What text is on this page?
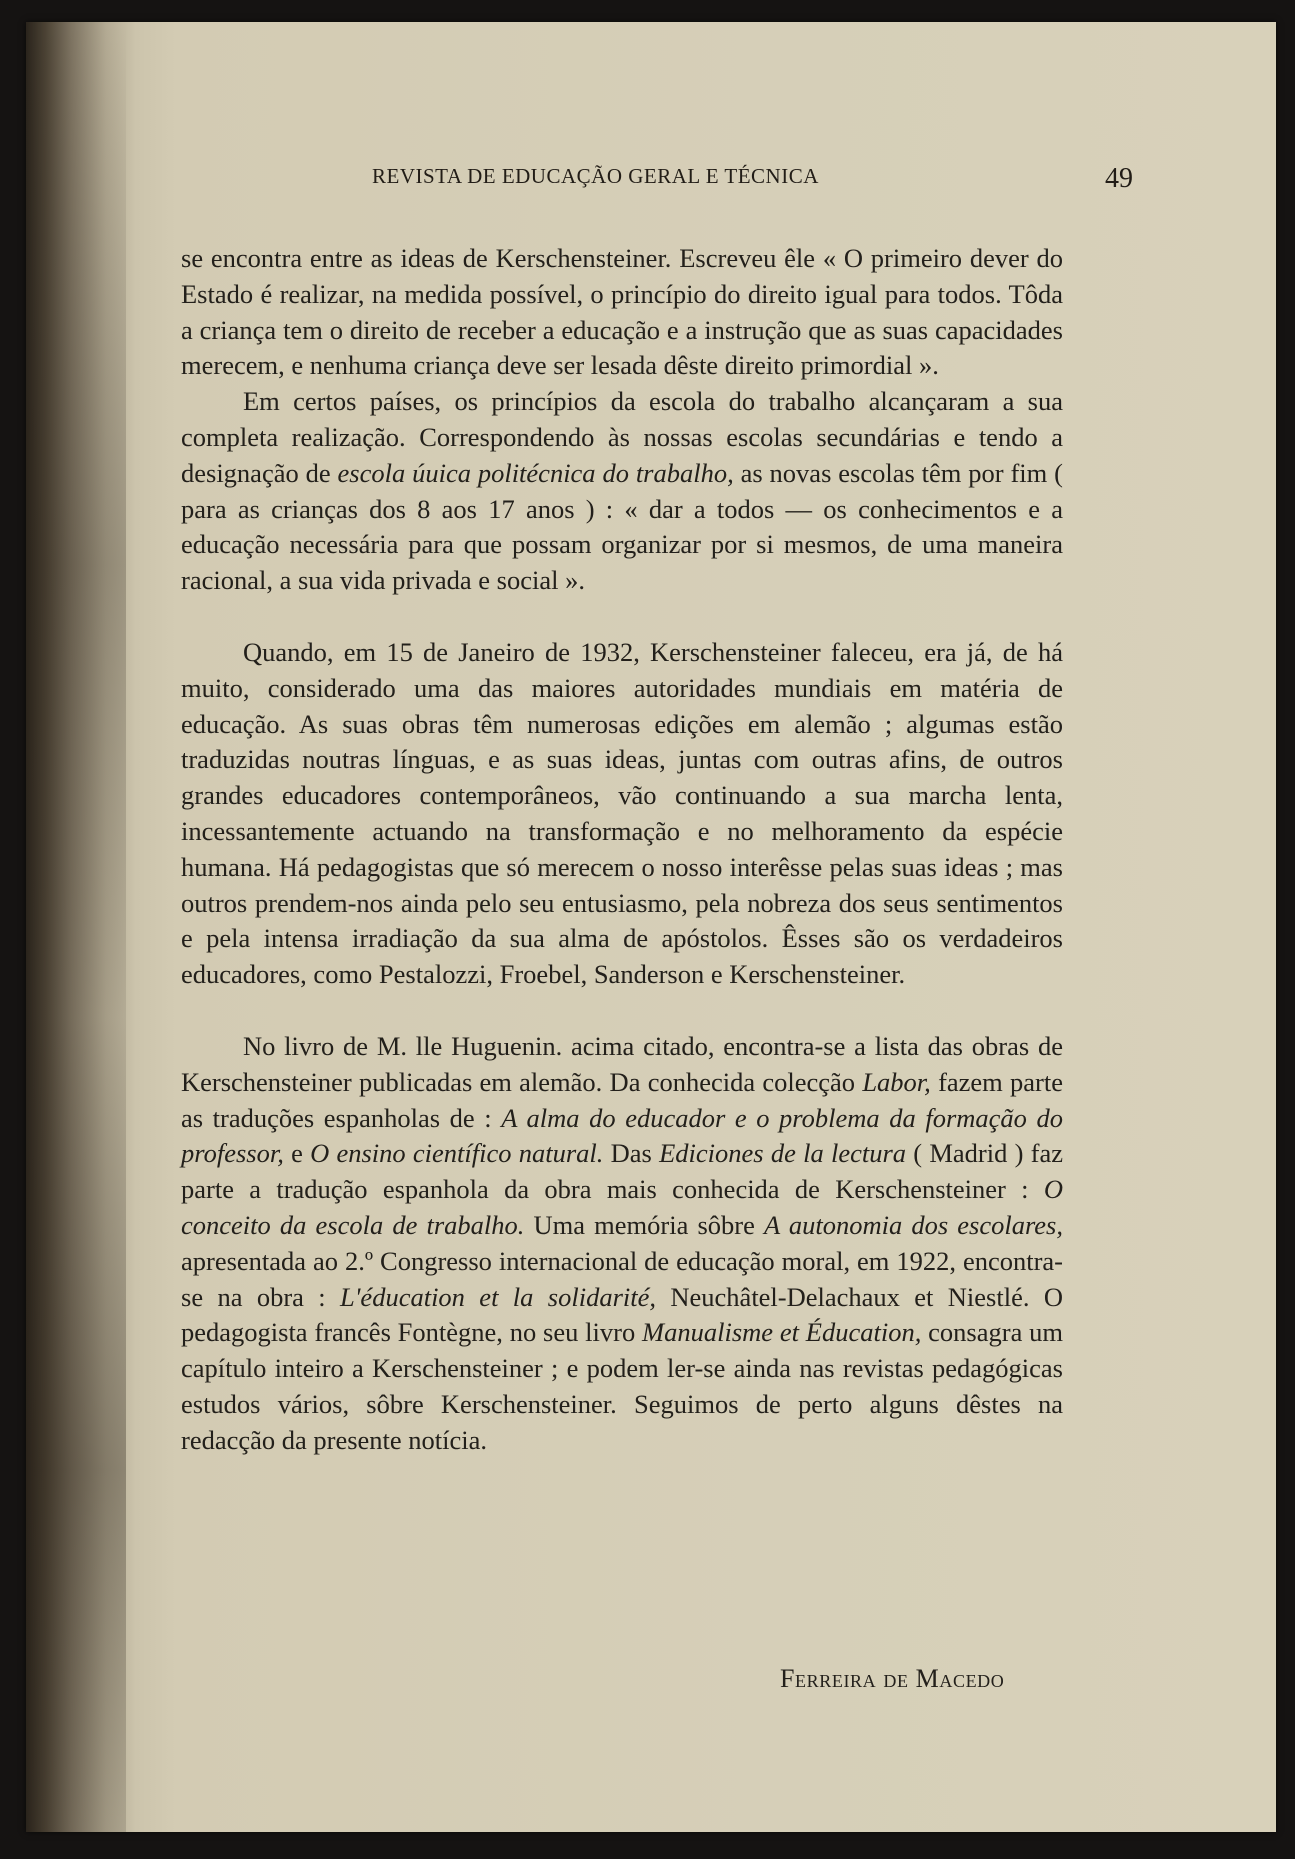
REVISTA DE EDUCAÇÃO GERAL E TÉCNICA	49

se encontra entre as ideas de Kerschensteiner. Escreveu êle « O primeiro dever do Estado é realizar, na medida possível, o princípio do direito igual para todos. Tôda a criança tem o direito de receber a educação e a instrução que as suas capacidades merecem, e nenhuma criança deve ser lesada dêste direito primordial ».

Em certos países, os princípios da escola do trabalho alcançaram a sua completa realização. Correspondendo às nossas escolas secundárias e tendo a designação de escola úuica politécnica do trabalho, as novas escolas têm por fim ( para as crianças dos 8 aos 17 anos ) : « dar a todos — os conhecimentos e a educação necessária para que possam organizar por si mesmos, de uma maneira racional, a sua vida privada e social ».

Quando, em 15 de Janeiro de 1932, Kerschensteiner faleceu, era já, de há muito, considerado uma das maiores autoridades mundiais em matéria de educação. As suas obras têm numerosas edições em alemão ; algumas estão traduzidas noutras línguas, e as suas ideas, juntas com outras afins, de outros grandes educadores contemporâneos, vão continuando a sua marcha lenta, incessantemente actuando na transformação e no melhoramento da espécie humana. Há pedagogistas que só merecem o nosso interêsse pelas suas ideas ; mas outros prendem-nos ainda pelo seu entusiasmo, pela nobreza dos seus sentimentos e pela intensa irradiação da sua alma de apóstolos. Êsses são os verdadeiros educadores, como Pestalozzi, Froebel, Sanderson e Kerschensteiner.

No livro de M. lle Huguenin. acima citado, encontra-se a lista das obras de Kerschensteiner publicadas em alemão. Da conhecida colecção Labor, fazem parte as traduções espanholas de : A alma do educador e o problema da formação do professor, e O ensino científico natural. Das Ediciones de la lectura ( Madrid ) faz parte a tradução espanhola da obra mais conhecida de Kerschensteiner : O conceito da escola de trabalho. Uma memória sôbre A autonomia dos escolares, apresentada ao 2.º Congresso internacional de educação moral, em 1922, encontra-se na obra : L'éducation et la solidarité, Neuchâtel-Delachaux et Niestlé. O pedagogista francês Fontègne, no seu livro Manualisme et Éducation, consagra um capítulo inteiro a Kerschensteiner ; e podem ler-se ainda nas revistas pedagógicas estudos vários, sôbre Kerschensteiner. Seguimos de perto alguns dêstes na redacção da presente notícia.

Ferreira de Macedo
